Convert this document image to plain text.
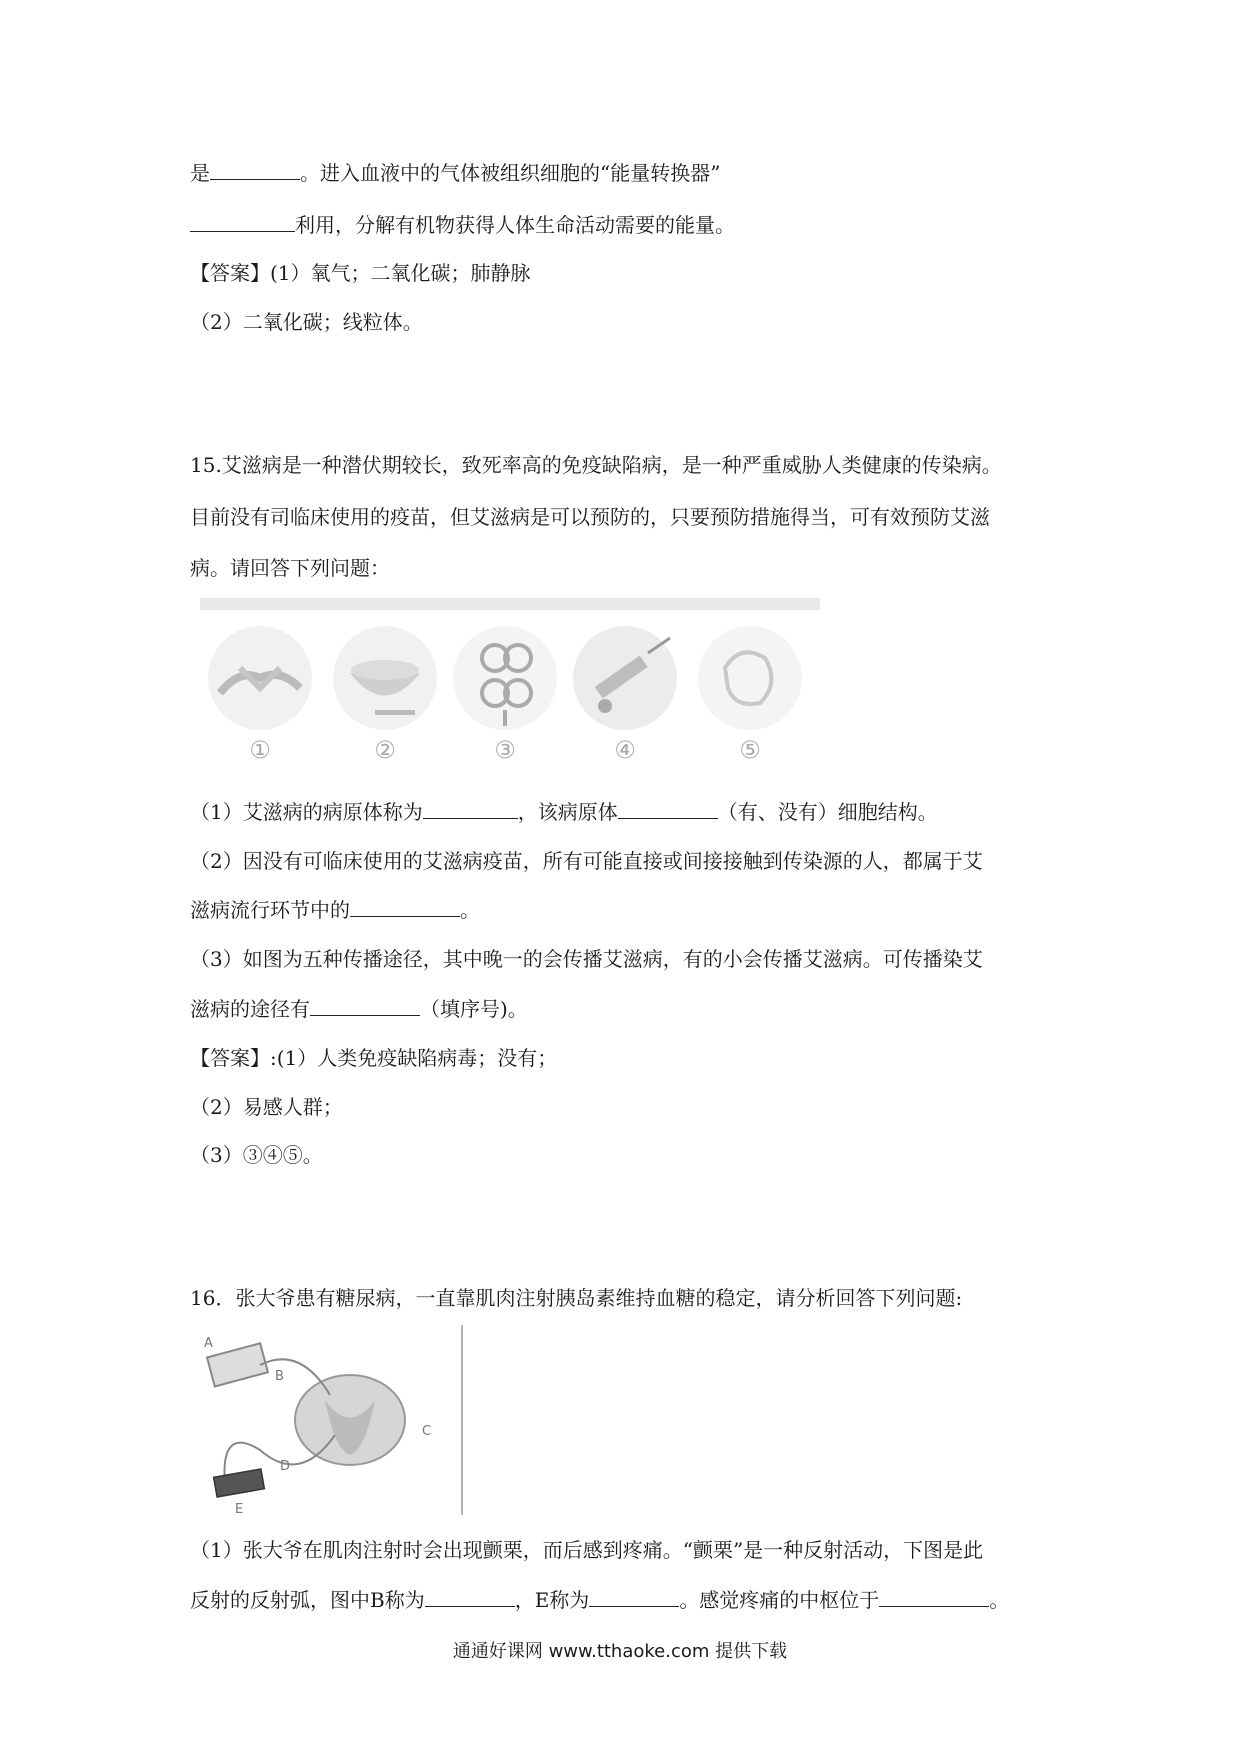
是	。进入血液中的气体被组织细胞的“能量转换器”
利用，分解有机物获得人体生命活动需要的能量。
【答案】(1）氧气；二氧化碳；肺静脉
（2）二氧化碳；线粒体。
15.艾滋病是一种潜伏期较长，致死率高的免疫缺陷病，是一种严重威胁人类健康的传染病。
目前没有司临床使用的疫苗，但艾滋病是可以预防的，只要预防措施得当，可有效预防艾滋
病。请回答下列问题：
①	②	③	④	⑤
（1）艾滋病的病原体称为	，该病原体	（有、没有）细胞结构。
（2）因没有可临床使用的艾滋病疫苗，所有可能直接或间接接触到传染源的人，都属于艾
滋病流行环节中的	。
（3）如图为五种传播途径，其中晚一的会传播艾滋病，有的小会传播艾滋病。可传播染艾
滋病的途径有	（填序号)。
【答案】:(1）人类免疫缺陷病毒；没有；
（2）易感人群；
（3）③④⑤。
16．张大爷患有糖尿病，一直靠肌肉注射胰岛素维持血糖的稳定，请分析回答下列问题:
A
B
C
D
E
（1）张大爷在肌肉注射时会出现颤栗，而后感到疼痛。“颤栗”是一种反射活动，下图是此
反射的反射弧，图中B称为	，E称为	。感觉疼痛的中枢位于	。
通通好课网 www.tthaoke.com 提供下载
